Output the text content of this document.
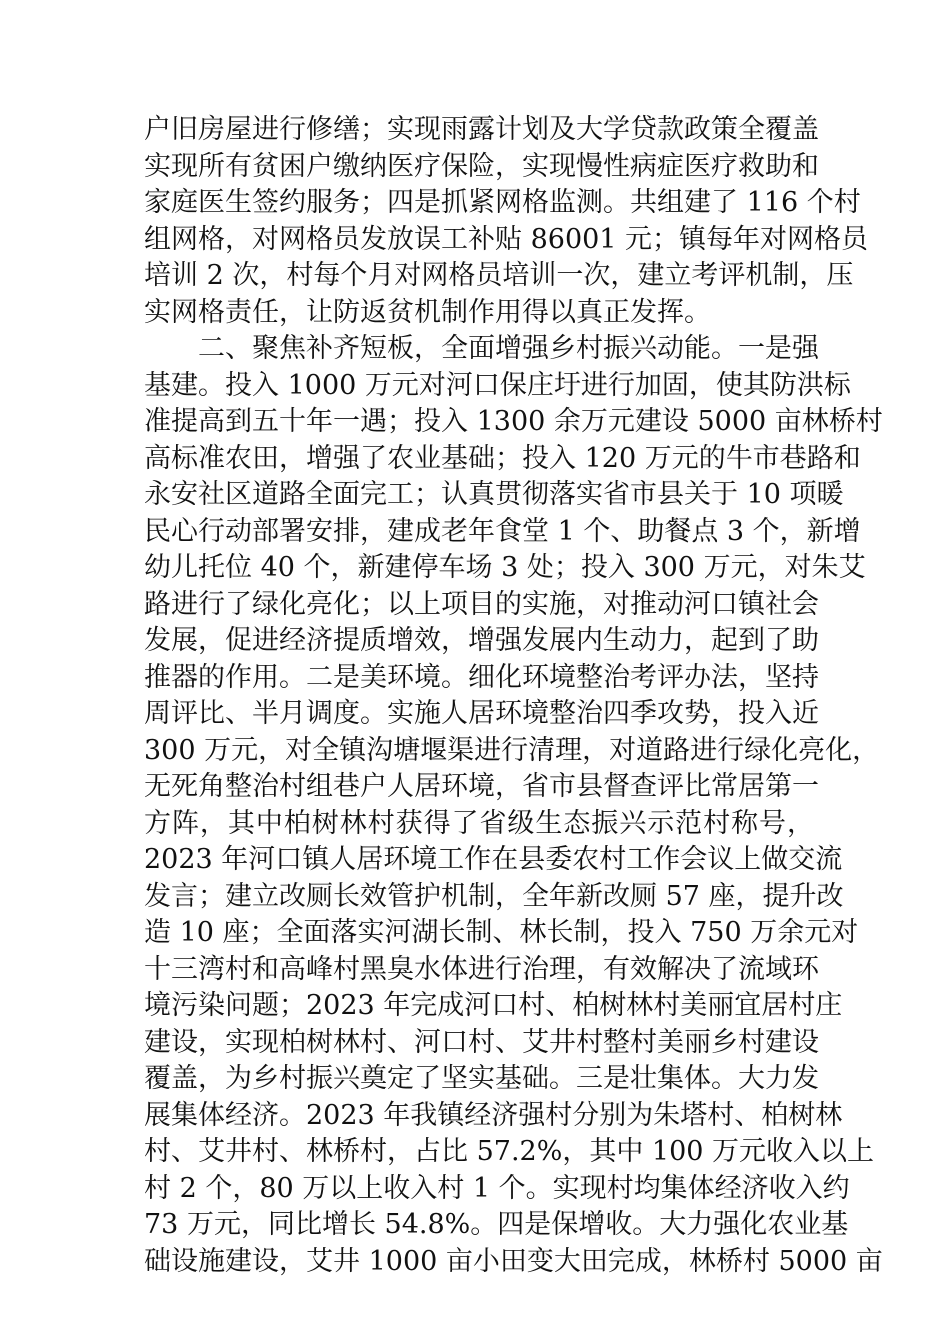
户旧房屋进行修缮；实现雨露计划及大学贷款政策全覆盖
实现所有贫困户缴纳医疗保险，实现慢性病症医疗救助和
家庭医生签约服务；四是抓紧网格监测。共组建了 116 个村
组网格，对网格员发放误工补贴 86001 元；镇每年对网格员
培训 2 次，村每个月对网格员培训一次，建立考评机制，压
实网格责任，让防返贫机制作用得以真正发挥。
二、聚焦补齐短板，全面增强乡村振兴动能。一是强
基建。投入 1000 万元对河口保庄圩进行加固，使其防洪标
准提高到五十年一遇；投入 1300 余万元建设 5000 亩林桥村
高标准农田，增强了农业基础；投入 120 万元的牛市巷路和
永安社区道路全面完工；认真贯彻落实省市县关于 10 项暖
民心行动部署安排，建成老年食堂 1 个、助餐点 3 个，新增
幼儿托位 40 个，新建停车场 3 处；投入 300 万元，对朱艾
路进行了绿化亮化；以上项目的实施，对推动河口镇社会
发展，促进经济提质增效，增强发展内生动力，起到了助
推器的作用。二是美环境。细化环境整治考评办法，坚持
周评比、半月调度。实施人居环境整治四季攻势，投入近
300 万元，对全镇沟塘堰渠进行清理，对道路进行绿化亮化，
无死角整治村组巷户人居环境，省市县督查评比常居第一
方阵，其中柏树林村获得了省级生态振兴示范村称号，
2023 年河口镇人居环境工作在县委农村工作会议上做交流
发言；建立改厕长效管护机制，全年新改厕 57 座，提升改
造 10 座；全面落实河湖长制、林长制，投入 750 万余元对
十三湾村和高峰村黑臭水体进行治理，有效解决了流域环
境污染问题；2023 年完成河口村、柏树林村美丽宜居村庄
建设，实现柏树林村、河口村、艾井村整村美丽乡村建设
覆盖，为乡村振兴奠定了坚实基础。三是壮集体。大力发
展集体经济。2023 年我镇经济强村分别为朱塔村、柏树林
村、艾井村、林桥村，占比 57.2%，其中 100 万元收入以上
村 2 个，80 万以上收入村 1 个。实现村均集体经济收入约
73 万元，同比增长 54.8%。四是保增收。大力强化农业基
础设施建设，艾井 1000 亩小田变大田完成，林桥村 5000 亩
